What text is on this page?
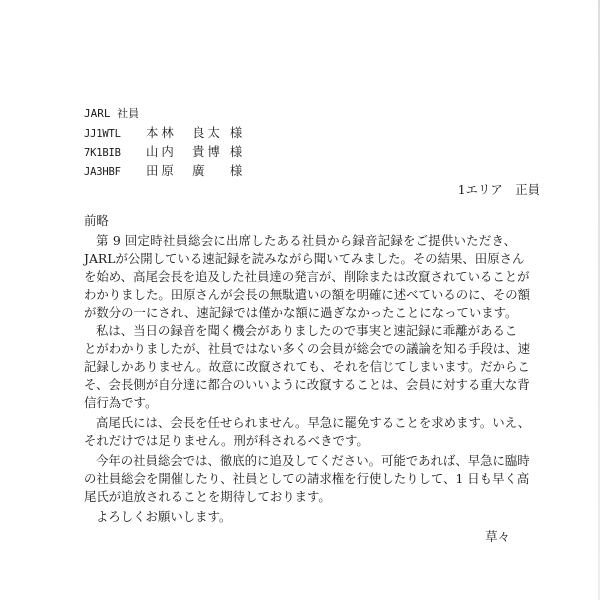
JARL 社員
JJ1WTL 本林　良太 様
7K1BIB 山内　貴博 様
JA3HBF 田原　廣 様
1エリア　正員
前略
第 9 回定時社員総会に出席したある社員から録音記録をご提供いただき、
JARLが公開している速記録を読みながら聞いてみました。その結果、田原さん
を始め、高尾会長を追及した社員達の発言が、削除または改竄されていることが
わかりました。田原さんが会長の無駄遣いの額を明確に述べているのに、その額
が数分の一にされ、速記録では僅かな額に過ぎなかったことになっています。
私は、当日の録音を聞く機会がありましたので事実と速記録に乖離があるこ
とがわかりましたが、社員ではない多くの会員が総会での議論を知る手段は、速
記録しかありません。故意に改竄されても、それを信じてしまいます。だからこ
そ、会長側が自分達に都合のいいように改竄することは、会員に対する重大な背
信行為です。
高尾氏には、会長を任せられません。早急に罷免することを求めます。いえ、
それだけでは足りません。刑が科されるべきです。
今年の社員総会では、徹底的に追及してください。可能であれば、早急に臨時
の社員総会を開催したり、社員としての請求権を行使したりして、1 日も早く高
尾氏が追放されることを期待しております。
よろしくお願いします。
草々
